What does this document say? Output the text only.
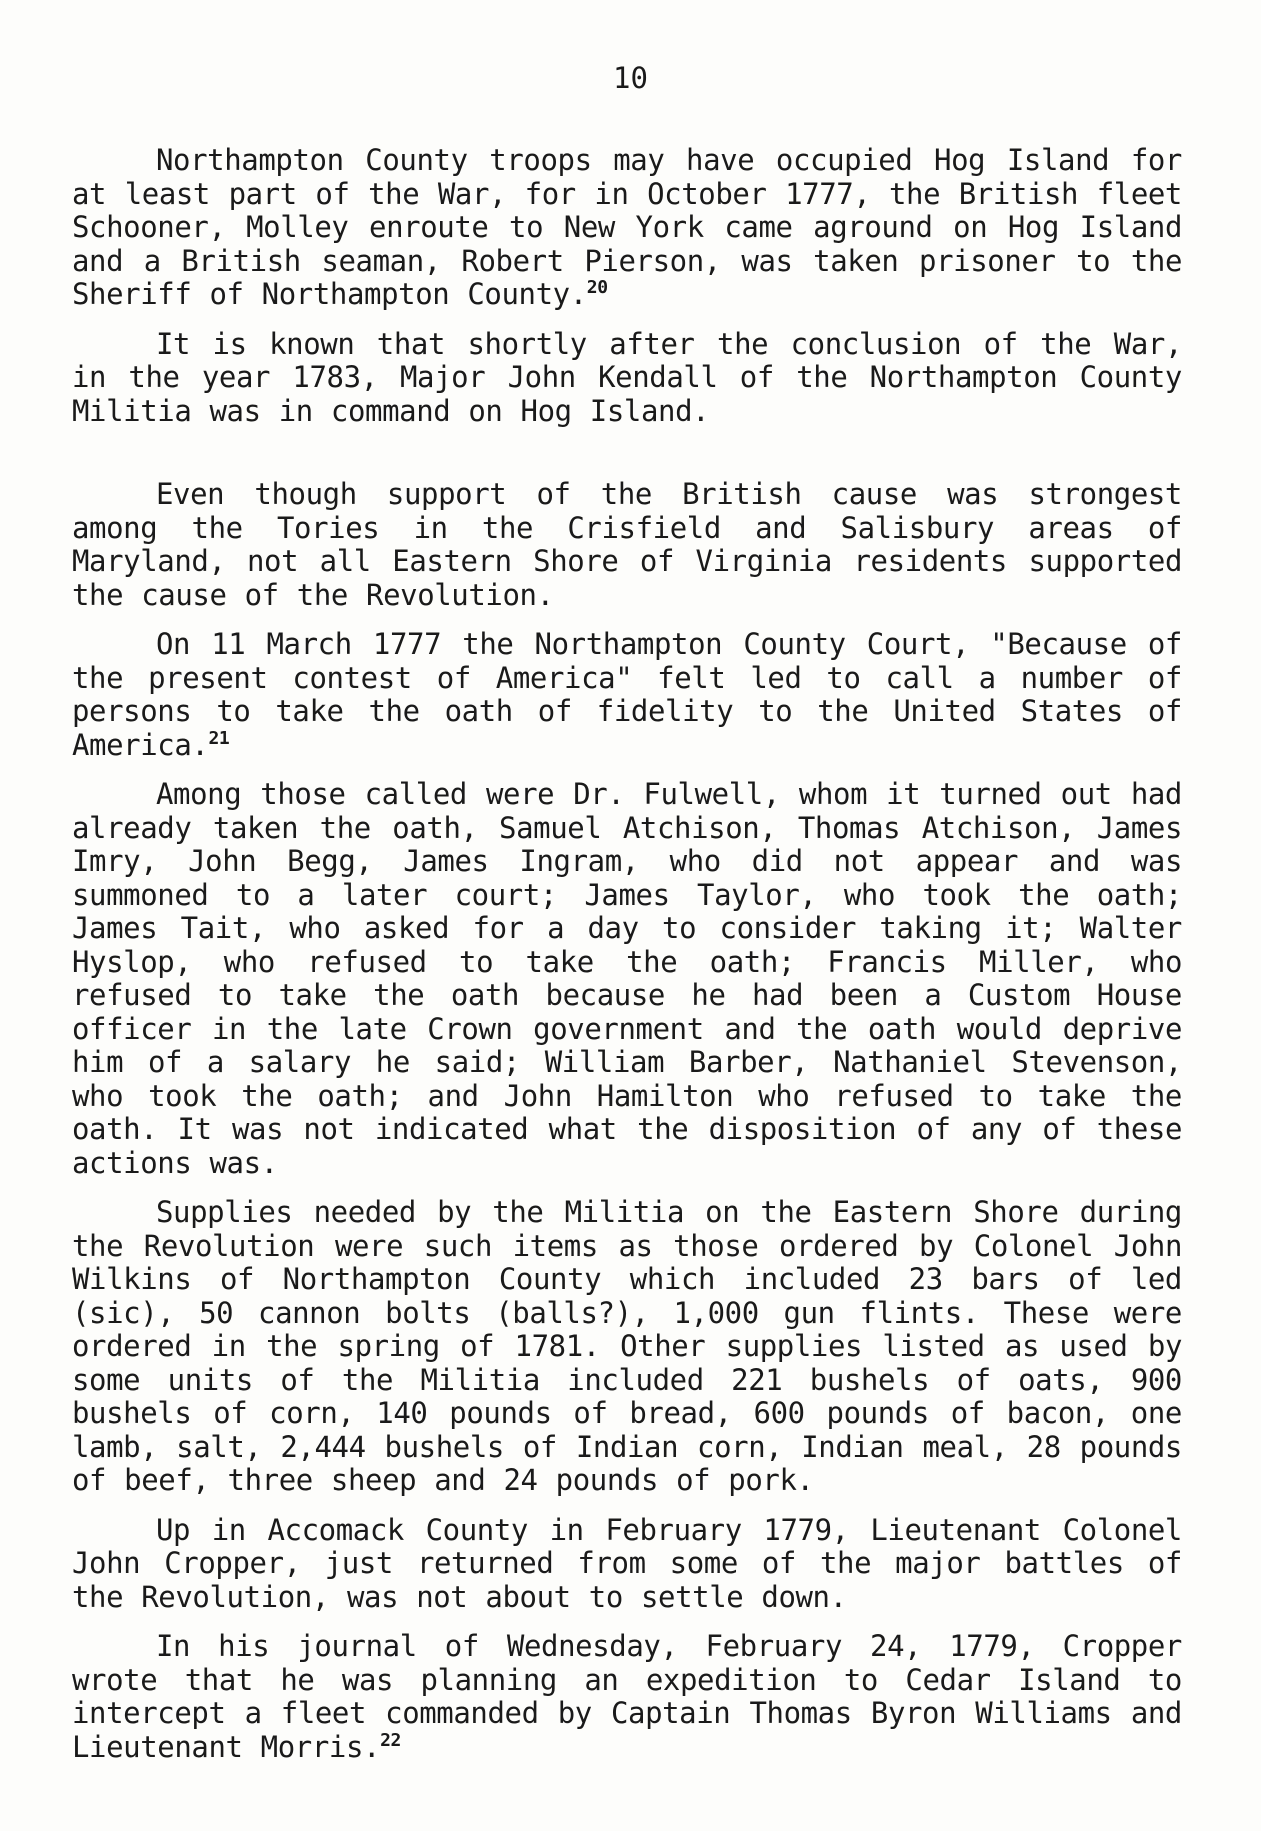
10

Northampton County troops may have occupied Hog Island for at least part of the War, for in October 1777, the British fleet Schooner, Molley enroute to New York came aground on Hog Island and a British seaman, Robert Pierson, was taken prisoner to the Sheriff of Northampton County.$^{20}$

It is known that shortly after the conclusion of the War, in the year 1783, Major John Kendall of the Northampton County Militia was in command on Hog Island.

Even though support of the British cause was strongest among the Tories in the Crisfield and Salisbury areas of Maryland, not all Eastern Shore of Virginia residents supported the cause of the Revolution.

On 11 March 1777 the Northampton County Court, "Because of the present contest of America" felt led to call a number of persons to take the oath of fidelity to the United States of America.$^{21}$

Among those called were Dr. Fulwell, whom it turned out had already taken the oath, Samuel Atchison, Thomas Atchison, James Imry, John Begg, James Ingram, who did not appear and was summoned to a later court; James Taylor, who took the oath; James Tait, who asked for a day to consider taking it; Walter Hyslop, who refused to take the oath; Francis Miller, who refused to take the oath because he had been a Custom House officer in the late Crown government and the oath would deprive him of a salary he said; William Barber, Nathaniel Stevenson, who took the oath; and John Hamilton who refused to take the oath. It was not indicated what the disposition of any of these actions was.

Supplies needed by the Militia on the Eastern Shore during the Revolution were such items as those ordered by Colonel John Wilkins of Northampton County which included 23 bars of led (sic), 50 cannon bolts (balls?), 1,000 gun flints. These were ordered in the spring of 1781. Other supplies listed as used by some units of the Militia included 221 bushels of oats, 900 bushels of corn, 140 pounds of bread, 600 pounds of bacon, one lamb, salt, 2,444 bushels of Indian corn, Indian meal, 28 pounds of beef, three sheep and 24 pounds of pork.

Up in Accomack County in February 1779, Lieutenant Colonel John Cropper, just returned from some of the major battles of the Revolution, was not about to settle down.

In his journal of Wednesday, February 24, 1779, Cropper wrote that he was planning an expedition to Cedar Island to intercept a fleet commanded by Captain Thomas Byron Williams and Lieutenant Morris.$^{22}$
